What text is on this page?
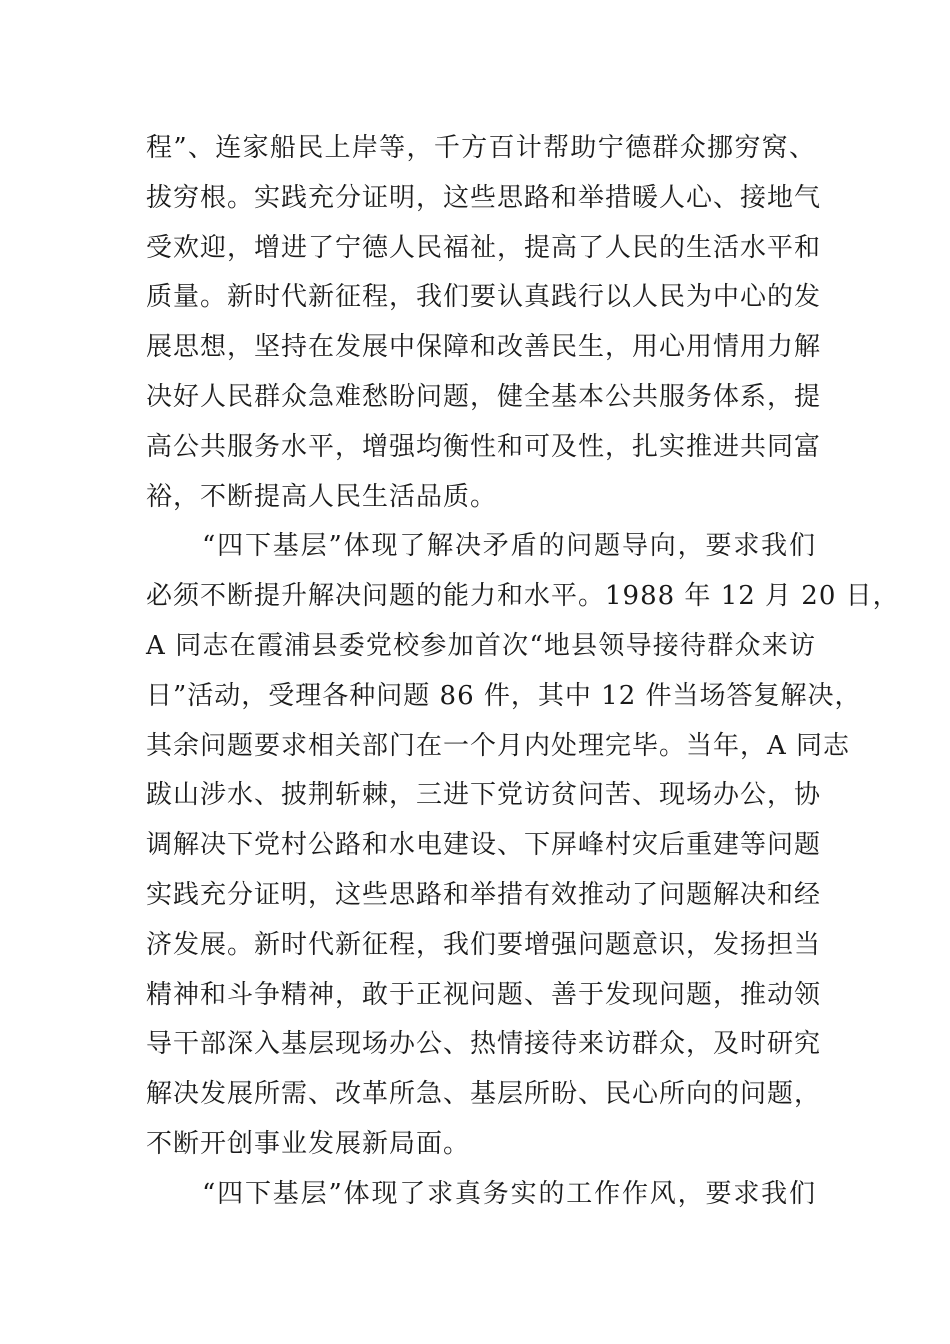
程”、连家船民上岸等，千方百计帮助宁德群众挪穷窝、
拔穷根。实践充分证明，这些思路和举措暖人心、接地气
受欢迎，增进了宁德人民福祉，提高了人民的生活水平和
质量。新时代新征程，我们要认真践行以人民为中心的发
展思想，坚持在发展中保障和改善民生，用心用情用力解
决好人民群众急难愁盼问题，健全基本公共服务体系，提
高公共服务水平，增强均衡性和可及性，扎实推进共同富
裕，不断提高人民生活品质。
“四下基层”体现了解决矛盾的问题导向，要求我们
必须不断提升解决问题的能力和水平。1988 年 12 月 20 日，
A 同志在霞浦县委党校参加首次“地县领导接待群众来访
日”活动，受理各种问题 86 件，其中 12 件当场答复解决，
其余问题要求相关部门在一个月内处理完毕。当年，A 同志
跋山涉水、披荆斩棘，三进下党访贫问苦、现场办公，协
调解决下党村公路和水电建设、下屏峰村灾后重建等问题
实践充分证明，这些思路和举措有效推动了问题解决和经
济发展。新时代新征程，我们要增强问题意识，发扬担当
精神和斗争精神，敢于正视问题、善于发现问题，推动领
导干部深入基层现场办公、热情接待来访群众，及时研究
解决发展所需、改革所急、基层所盼、民心所向的问题，
不断开创事业发展新局面。
“四下基层”体现了求真务实的工作作风，要求我们
